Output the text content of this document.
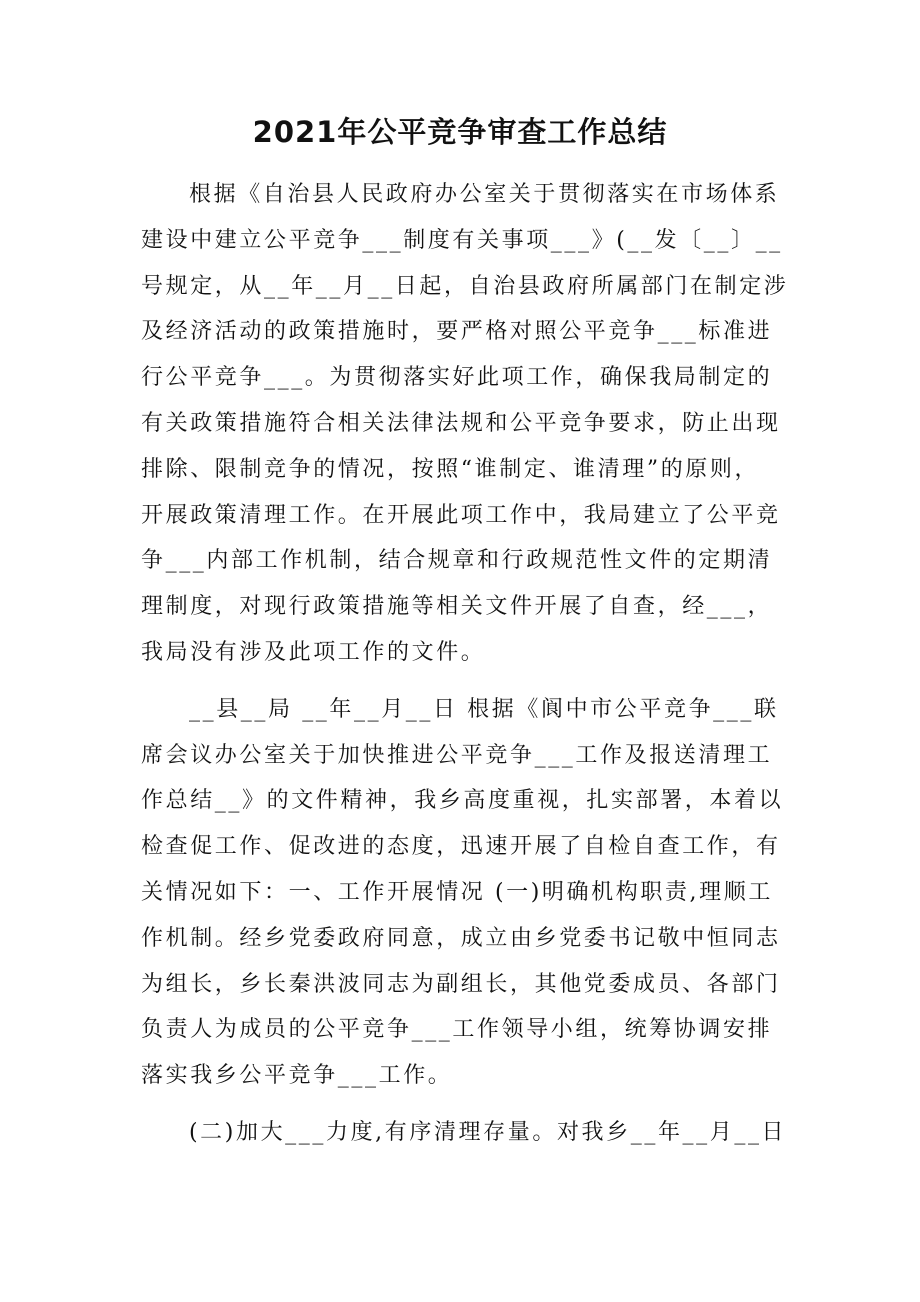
2021年公平竞争审查工作总结
根据《自治县人民政府办公室关于贯彻落实在市场体系
建设中建立公平竞争___制度有关事项___》(__发〔__〕__
号规定，从__年__月__日起，自治县政府所属部门在制定涉
及经济活动的政策措施时，要严格对照公平竞争___标准进
行公平竞争___。为贯彻落实好此项工作，确保我局制定的
有关政策措施符合相关法律法规和公平竞争要求，防止出现
排除、限制竞争的情况，按照“谁制定、谁清理”的原则，
开展政策清理工作。在开展此项工作中，我局建立了公平竞
争___内部工作机制，结合规章和行政规范性文件的定期清
理制度，对现行政策措施等相关文件开展了自查，经___，
我局没有涉及此项工作的文件。
__县__局 __年__月__日 根据《阆中市公平竞争___联
席会议办公室关于加快推进公平竞争___工作及报送清理工
作总结__》的文件精神，我乡高度重视，扎实部署，本着以
检查促工作、促改进的态度，迅速开展了自检自查工作，有
关情况如下：一、工作开展情况 (一)明确机构职责,理顺工
作机制。经乡党委政府同意，成立由乡党委书记敬中恒同志
为组长，乡长秦洪波同志为副组长，其他党委成员、各部门
负责人为成员的公平竞争___工作领导小组，统筹协调安排
落实我乡公平竞争___工作。
(二)加大___力度,有序清理存量。对我乡__年__月__日
